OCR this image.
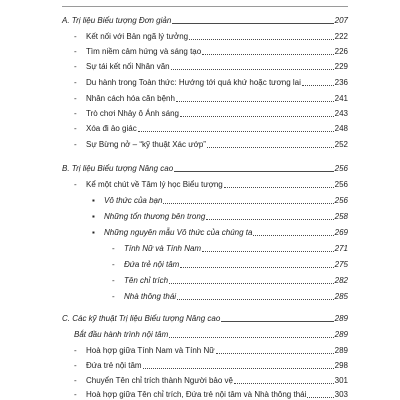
A. Trị liệu Biểu tượng Đơn giản	207
- Kết nối với Bản ngã lý tưởng	222
- Tìm niềm cảm hứng và sáng tạo	226
- Sự tái kết nối Nhân văn	229
- Du hành trong Toàn thức: Hướng tới quá khứ hoặc tương lai	236
- Nhân cách hóa căn bệnh	241
- Trò chơi Nhảy ô Ánh sáng	243
- Xóa đi ảo giác	248
- Sự Bừng nở – “kỹ thuật Xác ướp”	252
B. Trị liệu Biểu tượng Nâng cao	256
- Kể một chút về Tâm lý học Biểu tượng	256
▪ Vô thức của bạn	256
▪ Những tổn thương bên trong	258
▪ Những nguyên mẫu Vô thức của chúng ta	269
- Tính Nữ và Tính Nam	271
- Đứa trẻ nội tâm	275
- Tên chỉ trích	282
- Nhà thông thái	285
C. Các kỹ thuật Trị liệu Biểu tượng Nâng cao	289
Bắt đầu hành trình nội tâm	289
- Hoà hợp giữa Tính Nam và Tính Nữ	289
- Đứa trẻ nội tâm	298
- Chuyển Tên chỉ trích thành Người bảo vệ	301
- Hoà hợp giữa Tên chỉ trích, Đứa trẻ nội tâm và Nhà thông thái	303
